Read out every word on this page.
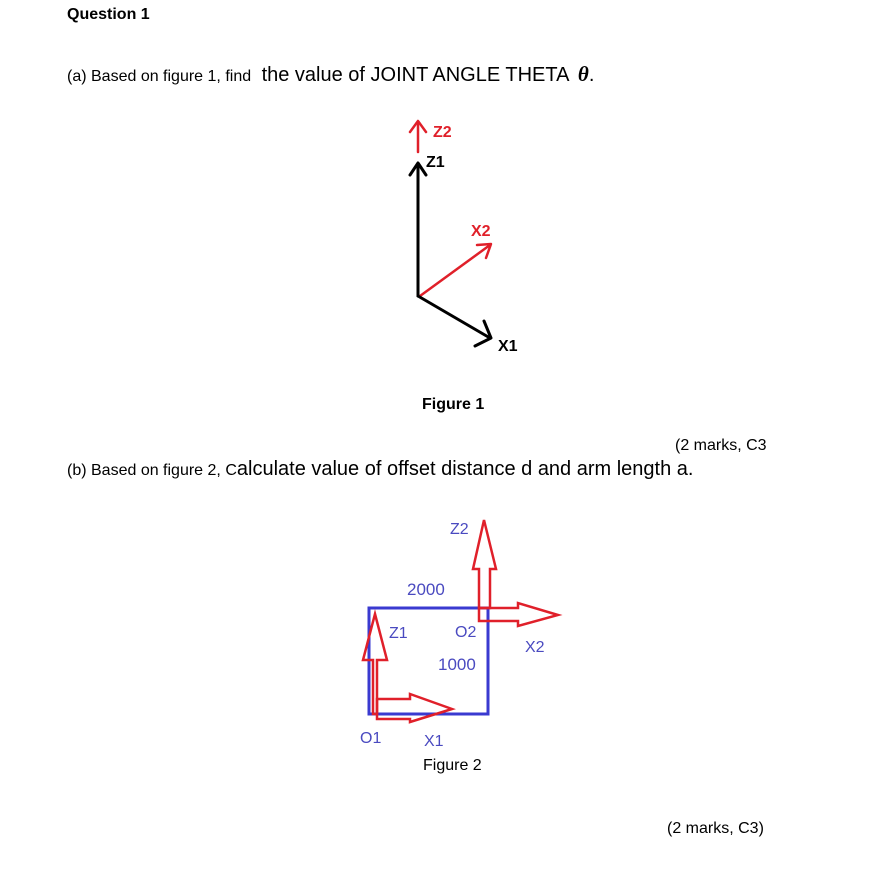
Question 1
(a) Based on figure 1, find the value of JOINT ANGLE THETA θ.
Z2
Z1
X2
X1
Figure 1
(2 marks, C3
(b) Based on figure 2, Calculate value of offset distance d and arm length a.
Z2
2000
Z1	O2
X2
1000
O1	X1
Figure 2
(2 marks, C3)
